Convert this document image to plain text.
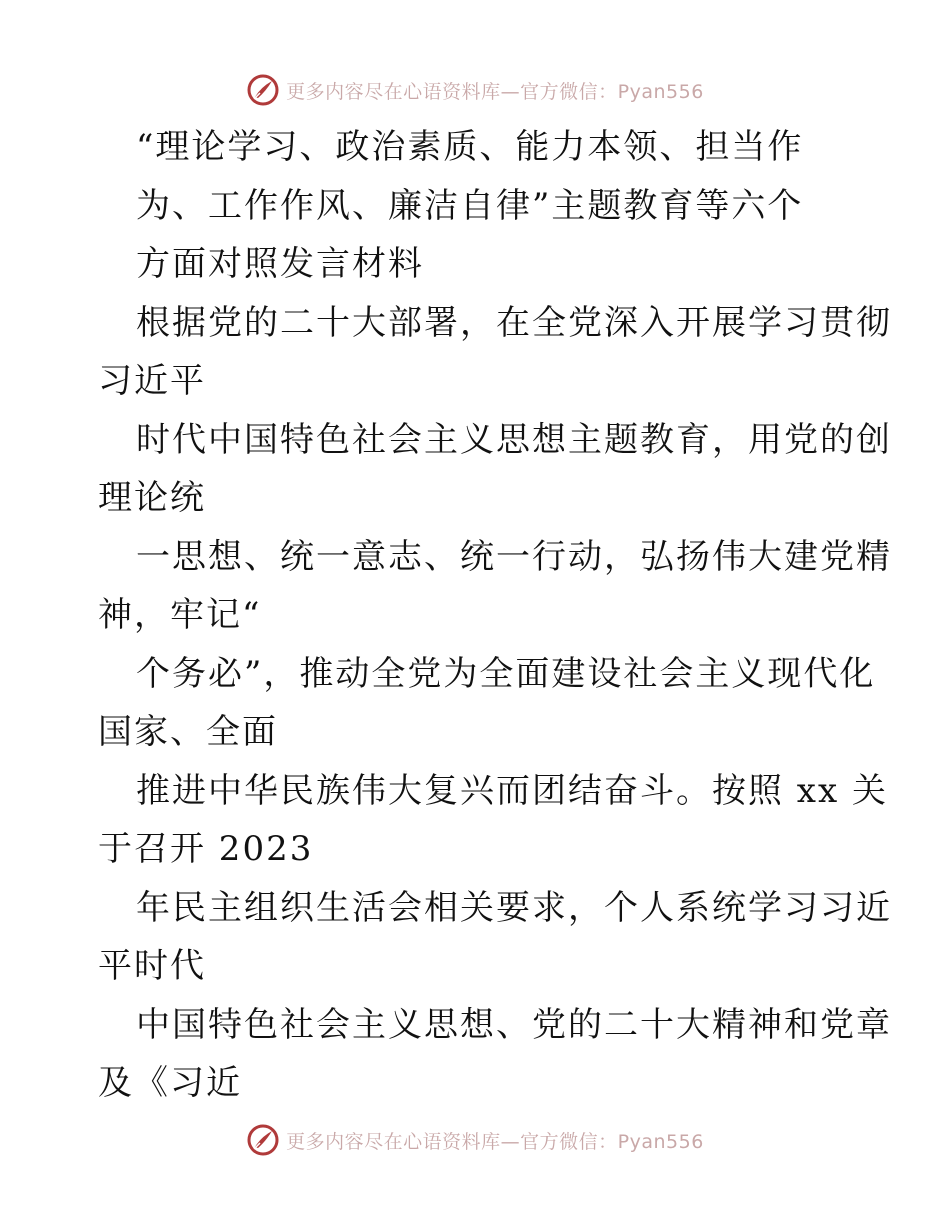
更多内容尽在心语资料库—官方微信：Pyan556
“理论学习、政治素质、能力本领、担当作
为、工作作风、廉洁自律”主题教育等六个
方面对照发言材料
根据党的二十大部署，在全党深入开展学习贯彻
习近平
时代中国特色社会主义思想主题教育，用党的创
理论统
一思想、统一意志、统一行动，弘扬伟大建党精
神，牢记“
个务必”，推动全党为全面建设社会主义现代化
国家、全面
推进中华民族伟大复兴而团结奋斗。按照 xx 关
于召开 2023
年民主组织生活会相关要求，个人系统学习习近
平时代
中国特色社会主义思想、党的二十大精神和党章
及《习近
更多内容尽在心语资料库—官方微信：Pyan556
